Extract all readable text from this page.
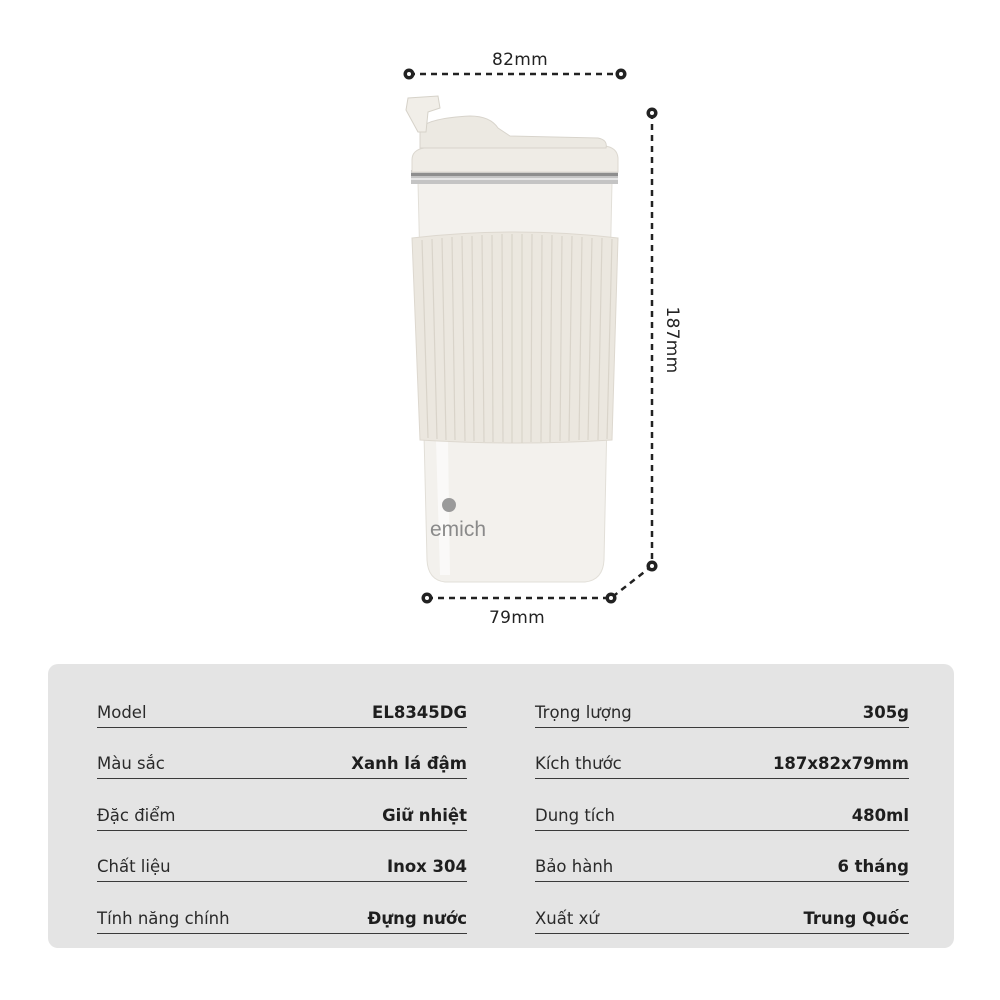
emich
82mm
187mm
79mm
Model	EL8345DG
Màu sắc	Xanh lá đậm
Đặc điểm	Giữ nhiệt
Chất liệu	Inox 304
Tính năng chính	Đựng nước
Trọng lượng	305g
Kích thước	187x82x79mm
Dung tích	480ml
Bảo hành	6 tháng
Xuất xứ	Trung Quốc
